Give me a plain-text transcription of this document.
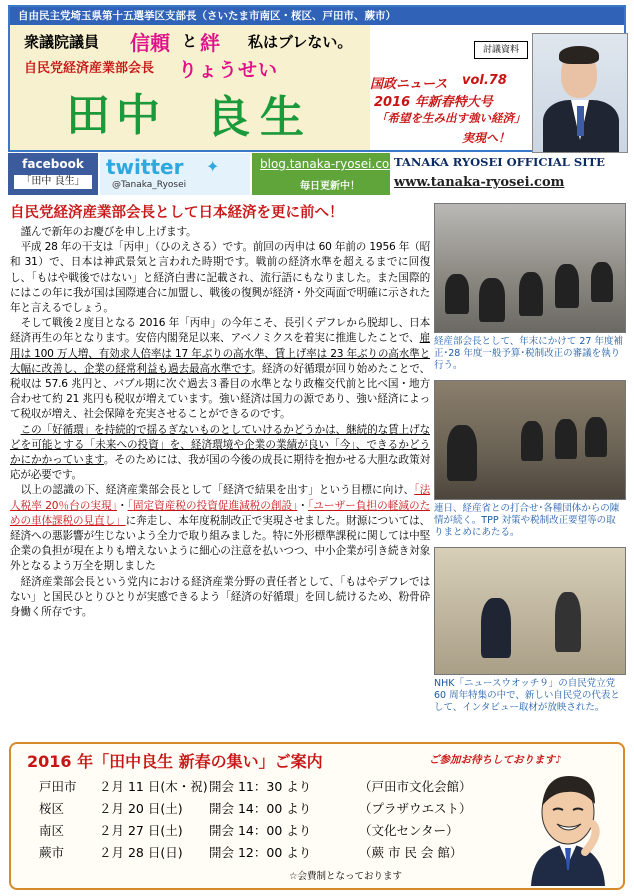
自由民主党埼玉県第十五選挙区支部長（さいたま市南区・桜区、戸田市、蕨市）
衆議院議員 信頼 と 絆 私はブレない。
自民党経済産業部会長 りょうせい
田中 良生
討議資料
国政ニュース vol.78
2016 年新春特大号
「希望を生み出す強い経済」
実現へ！
facebook
「田中 良生」
twitter ✦
@Tanaka_Ryosei
blog.tanaka-ryosei.com
毎日更新中！
TANAKA RYOSEI OFFICIAL SITE
www.tanaka-ryosei.com
自民党経済産業部会長として日本経済を更に前へ！

謹んで新年のお慶びを申し上げます。

平成 28 年の干支は「丙申」（ひのえさる）です。前回の丙申は 60 年前の 1956 年（昭和 31）で、日本は神武景気と言われた時期です。戦前の経済水準を超えるまでに回復し、「もはや戦後ではない」と経済白書に記載され、流行語にもなりました。また国際的にはこの年に我が国は国際連合に加盟し、戦後の復興が経済・外交両面で明確に示された年と言えるでしょう。

そして戦後２度目となる 2016 年「丙申」の今年こそ、長引くデフレから脱却し、日本経済再生の年となります。安倍内閣発足以来、アベノミクスを着実に推進したことで、雇用は 100 万人増、有効求人倍率は 17 年ぶりの高水準、賃上げ率は 23 年ぶりの高水準と大幅に改善し、企業の経常利益も過去最高水準です。経済の好循環が回り始めたことで、税収は 57.6 兆円と、バブル期に次ぐ過去３番目の水準となり政権交代前と比べ国・地方合わせて約 21 兆円も税収が増えています。強い経済は国力の源であり、強い経済によって税収が増え、社会保障を充実させることができるのです。

この「好循環」を持続的で揺るぎないものとしていけるかどうかは、継続的な賃上げなどを可能とする「未来への投資」を、経済環境や企業の業績が良い「今」、できるかどうかにかかっています。そのためには、我が国の今後の成長に期待を抱かせる大胆な政策対応が必要です。

以上の認識の下、経済産業部会長として「経済で結果を出す」という目標に向け、「法人税率 20％台の実現」・「固定資産税の投資促進減税の創設」・「ユーザー負担の軽減のための車体課税の見直し」に奔走し、本年度税制改正で実現させました。財源については、経済への悪影響が生じないよう全力で取り組みました。特に外形標準課税に関しては中堅企業の負担が現在よりも増えないように細心の注意を払いつつ、中小企業が引き続き対象外となるよう万全を期しました

経済産業部会長という党内における経済産業分野の責任者として、「もはやデフレではない」と国民ひとりひとりが実感できるよう「経済の好循環」を回し続けるため、粉骨砕身働く所存です。

経産部会長として、年末にかけて 27 年度補正･28 年度一般予算･税制改正の審議を執り行う。
連日、経産省との打合せ･各種団体からの陳情が続く。TPP 対策や税制改正要望等の取りまとめにあたる。
NHK「ニュースウオッチ９」の自民党立党 60 周年特集の中で、新しい自民党の代表として、インタビュー取材が放映された。
2016 年「田中良生 新春の集い」ご案内	ご参加お待ちしております♪
戸田市 ２月 11 日(木・祝)開会 11：30 より	（戸田市文化会館）
桜区	２月 20 日(土) 開会 14：00 より	（プラザウエスト）
南区	２月 27 日(土) 開会 14：00 より	（文化センター）
蕨市	２月 28 日(日) 開会 12：00 より	（蕨 市 民 会 館）
☆会費制となっております
